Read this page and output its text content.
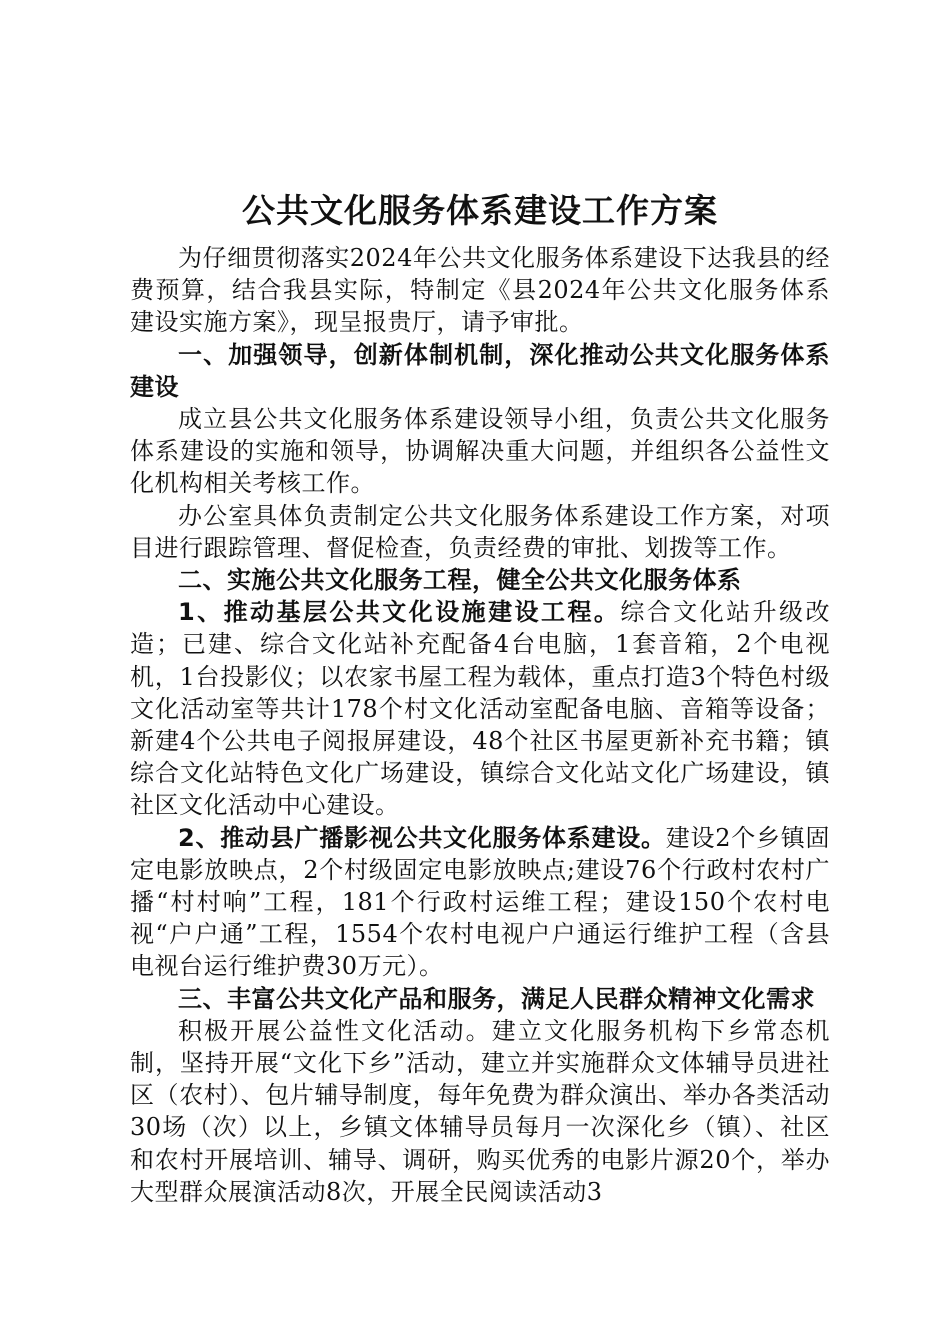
公共文化服务体系建设工作方案

为仔细贯彻落实2024年公共文化服务体系建设下达我县的经费预算，结合我县实际，特制定《县2024年公共文化服务体系建设实施方案》，现呈报贵厅，请予审批。

一、加强领导，创新体制机制，深化推动公共文化服务体系建设

成立县公共文化服务体系建设领导小组，负责公共文化服务体系建设的实施和领导，协调解决重大问题，并组织各公益性文化机构相关考核工作。

办公室具体负责制定公共文化服务体系建设工作方案，对项目进行跟踪管理、督促检查，负责经费的审批、划拨等工作。

二、实施公共文化服务工程，健全公共文化服务体系

1、推动基层公共文化设施建设工程。综合文化站升级改造；已建、综合文化站补充配备4台电脑，1套音箱，2个电视机，1台投影仪；以农家书屋工程为载体，重点打造3个特色村级文化活动室等共计178个村文化活动室配备电脑、音箱等设备；新建4个公共电子阅报屏建设，48个社区书屋更新补充书籍；镇综合文化站特色文化广场建设，镇综合文化站文化广场建设，镇社区文化活动中心建设。

2、推动县广播影视公共文化服务体系建设。建设2个乡镇固定电影放映点，2个村级固定电影放映点;建设76个行政村农村广播“村村响”工程，181个行政村运维工程；建设150个农村电视“户户通”工程，1554个农村电视户户通运行维护工程（含县电视台运行维护费30万元）。

三、丰富公共文化产品和服务，满足人民群众精神文化需求

积极开展公益性文化活动。建立文化服务机构下乡常态机制，坚持开展“文化下乡”活动，建立并实施群众文体辅导员进社区（农村）、包片辅导制度，每年免费为群众演出、举办各类活动30场（次）以上，乡镇文体辅导员每月一次深化乡（镇）、社区和农村开展培训、辅导、调研，购买优秀的电影片源20个，举办大型群众展演活动8次，开展全民阅读活动3
